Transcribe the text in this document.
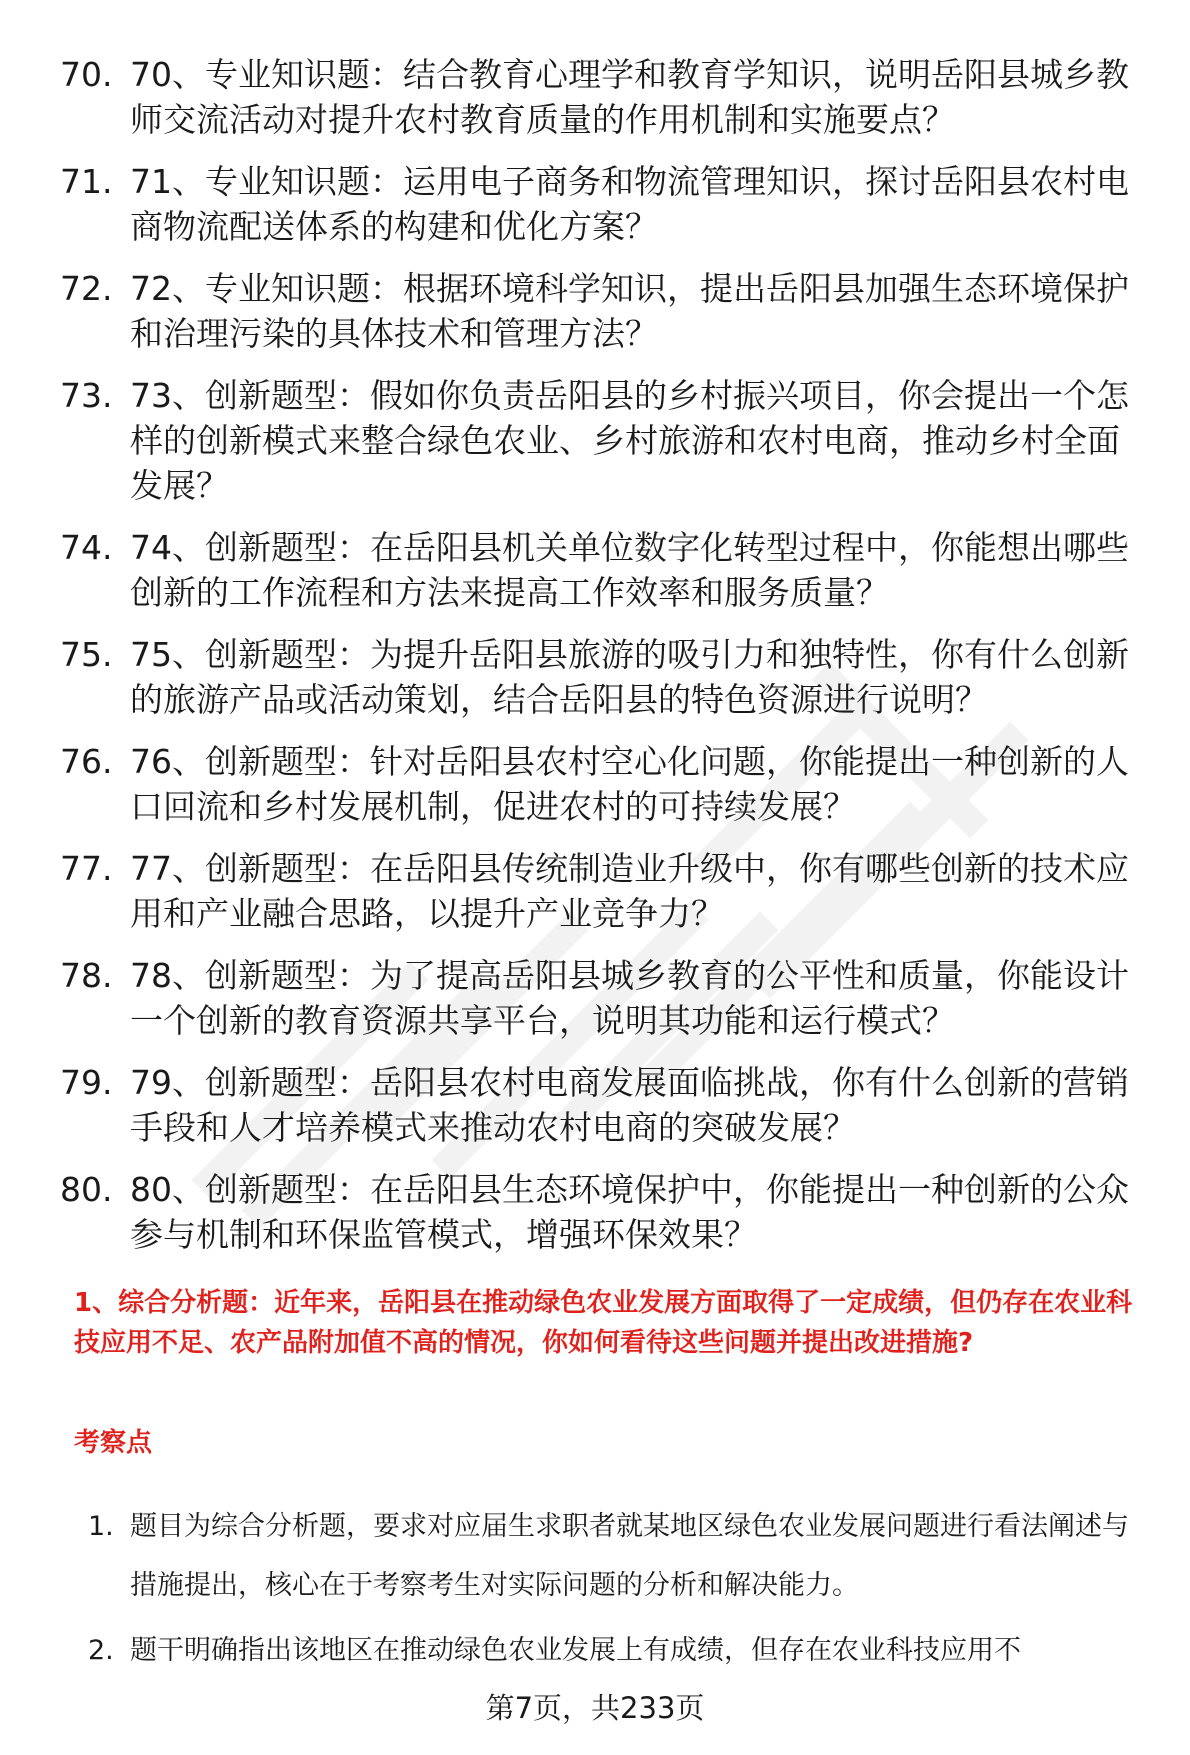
70. 70、专业知识题：结合教育心理学和教育学知识，说明岳阳县城乡教师交流活动对提升农村教育质量的作用机制和实施要点？
71. 71、专业知识题：运用电子商务和物流管理知识，探讨岳阳县农村电商物流配送体系的构建和优化方案？
72. 72、专业知识题：根据环境科学知识，提出岳阳县加强生态环境保护和治理污染的具体技术和管理方法？
73. 73、创新题型：假如你负责岳阳县的乡村振兴项目，你会提出一个怎样的创新模式来整合绿色农业、乡村旅游和农村电商，推动乡村全面发展？
74. 74、创新题型：在岳阳县机关单位数字化转型过程中，你能想出哪些创新的工作流程和方法来提高工作效率和服务质量？
75. 75、创新题型：为提升岳阳县旅游的吸引力和独特性，你有什么创新的旅游产品或活动策划，结合岳阳县的特色资源进行说明？
76. 76、创新题型：针对岳阳县农村空心化问题，你能提出一种创新的人口回流和乡村发展机制，促进农村的可持续发展？
77. 77、创新题型：在岳阳县传统制造业升级中，你有哪些创新的技术应用和产业融合思路，以提升产业竞争力？
78. 78、创新题型：为了提高岳阳县城乡教育的公平性和质量，你能设计一个创新的教育资源共享平台，说明其功能和运行模式？
79. 79、创新题型：岳阳县农村电商发展面临挑战，你有什么创新的营销手段和人才培养模式来推动农村电商的突破发展？
80. 80、创新题型：在岳阳县生态环境保护中，你能提出一种创新的公众参与机制和环保监管模式，增强环保效果？
1、综合分析题：近年来，岳阳县在推动绿色农业发展方面取得了一定成绩，但仍存在农业科技应用不足、农产品附加值不高的情况，你如何看待这些问题并提出改进措施?
考察点
1. 题目为综合分析题，要求对应届生求职者就某地区绿色农业发展问题进行看法阐述与措施提出，核心在于考察考生对实际问题的分析和解决能力。
2. 题干明确指出该地区在推动绿色农业发展上有成绩，但存在农业科技应用不
第7页，共233页
